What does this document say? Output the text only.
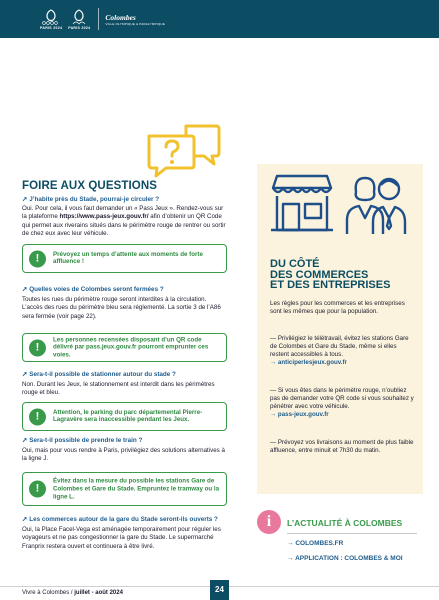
PARIS 2024 PARIS 2024
Colombes
VILLE OLYMPIQUE & PARALYMPIQUE
FOIRE AUX QUESTIONS
➚ J’habite près du Stade, pourrai-je circuler ?
Oui. Pour cela, il vous faut demander un « Pass Jeux ». Rendez-vous sur la plateforme https://www.pass-jeux.gouv.fr/ afin d’obtenir un QR Code qui permet aux riverains situés dans le périmètre rouge de rentrer ou sortir de chez eux avec leur véhicule.
!	Prévoyez un temps d’attente aux moments de forte affluence !
➚ Quelles voies de Colombes seront fermées ?
Toutes les rues du périmètre rouge seront interdites à la circulation. L’accès des rues du périmètre bleu sera réglementé. La sortie 3 de l’A86 sera fermée (voir page 22).
!
Les personnes recensées disposant d’un QR code délivré par pass.jeux.gouv.fr pourront emprunter ces voies.
➚ Sera-t-il possible de stationner autour du stade ?
Non. Durant les Jeux, le stationnement est interdit dans les périmètres rouge et bleu.
!	Attention, le parking du parc départemental Pierre-Lagravère sera inaccessible pendant les Jeux.
➚ Sera-t-il possible de prendre le train ?
Oui, mais pour vous rendre à Paris, privilégiez des solutions alternatives à la ligne J.
!
Évitez dans la mesure du possible les stations Gare de Colombes et Gare du Stade. Empruntez le tramway ou la ligne L.
➚ Les commerces autour de la gare du Stade seront-ils ouverts ?
Oui, la Place Facel-Vega est aménagée temporairement pour réguler les voyageurs et ne pas congestionner la gare du Stade. Le supermarché Franprix restera ouvert et continuera à être livré.
DU CÔTÉ
DES COMMERCES
ET DES ENTREPRISES
Les règles pour les commerces et les entreprises sont les mêmes que pour la population.
— Privilégiez le télétravail, évitez les stations Gare de Colombes et Gare du Stade, même si elles restent accessibles à tous.
→ anticiperlesjeux.gouv.fr
— Si vous êtes dans le périmètre rouge, n’oubliez pas de demander votre QR code si vous souhaitez y pénétrer avec votre véhicule.
→ pass-jeux.gouv.fr
— Prévoyez vos livraisons au moment de plus faible affluence, entre minuit et 7h30 du matin.
i	L’ACTUALITÉ À COLOMBES
→ COLOMBES.FR
→ APPLICATION : COLOMBES & MOI
Vivre à Colombes / juillet - août 2024	24
